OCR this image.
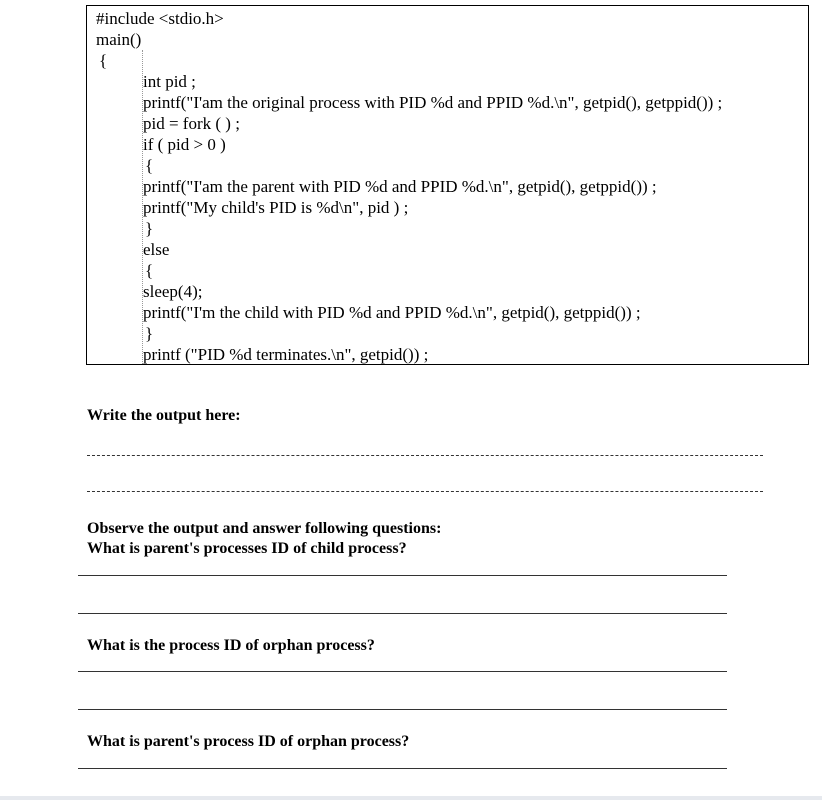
#include <stdio.h>
main()
{
int pid ;
printf("I'am the original process with PID %d and PPID %d.\n", getpid(), getppid()) ;
pid = fork ( ) ;
if ( pid > 0 )
{
printf("I'am the parent with PID %d and PPID %d.\n", getpid(), getppid()) ;
printf("My child's PID is %d\n", pid ) ;
}
else
{
sleep(4);
printf("I'm the child with PID %d and PPID %d.\n", getpid(), getppid()) ;
}
printf ("PID %d terminates.\n", getpid()) ;
Write the output here:
Observe the output and answer following questions:
What is parent's processes ID of child process?
What is the process ID of orphan process?
What is parent's process ID of orphan process?
